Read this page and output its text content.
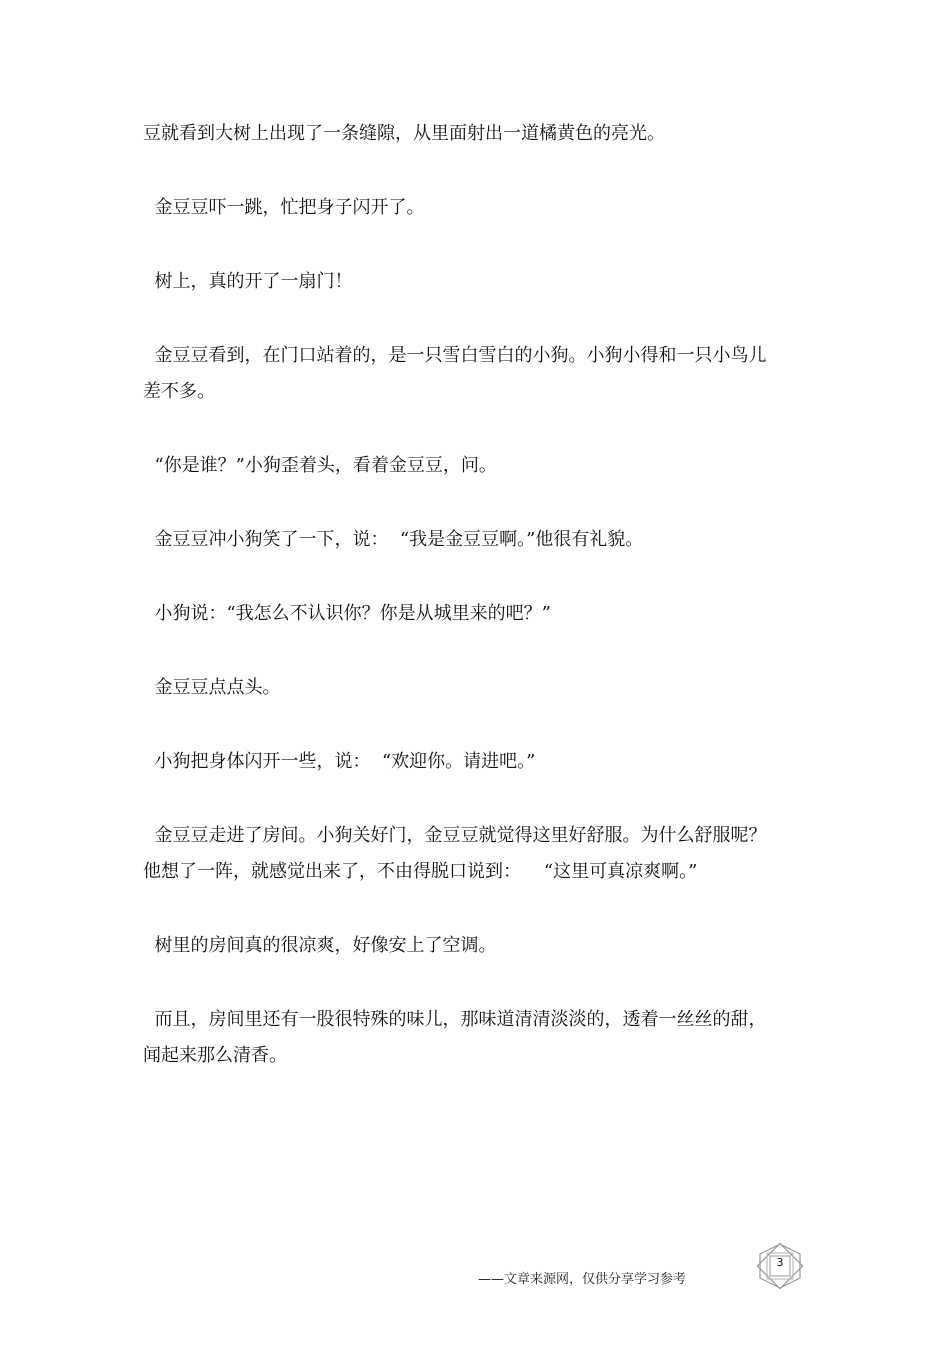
豆就看到大树上出现了一条缝隙，从里面射出一道橘黄色的亮光。

金豆豆吓一跳，忙把身子闪开了。

树上，真的开了一扇门！

金豆豆看到，在门口站着的，是一只雪白雪白的小狗。小狗小得和一只小鸟儿
差不多。

“你是谁？”小狗歪着头，看着金豆豆，问。

金豆豆冲小狗笑了一下，说：  “我是金豆豆啊。”他很有礼貌。

小狗说：“我怎么不认识你？你是从城里来的吧？”

金豆豆点点头。

小狗把身体闪开一些，说：  “欢迎你。请进吧。”

金豆豆走进了房间。小狗关好门，金豆豆就觉得这里好舒服。为什么舒服呢？
他想了一阵，就感觉出来了，不由得脱口说到：    “这里可真凉爽啊。”

树里的房间真的很凉爽，好像安上了空调。

而且，房间里还有一股很特殊的味儿，那味道清清淡淡的，透着一丝丝的甜，
闻起来那么清香。

——文章来源网，仅供分享学习参考
3
